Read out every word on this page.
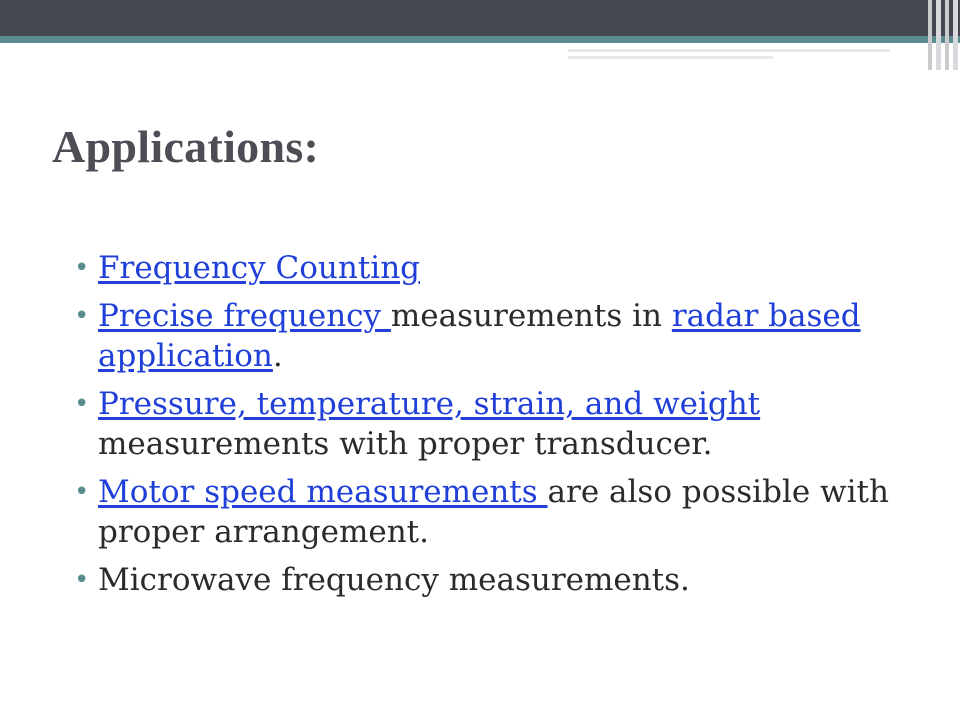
Applications:
• Frequency Counting
• Precise frequency measurements in radar based application.
• Pressure, temperature, strain, and weight measurements with proper transducer.
• Motor speed measurements are also possible with proper arrangement.
• Microwave frequency measurements.
